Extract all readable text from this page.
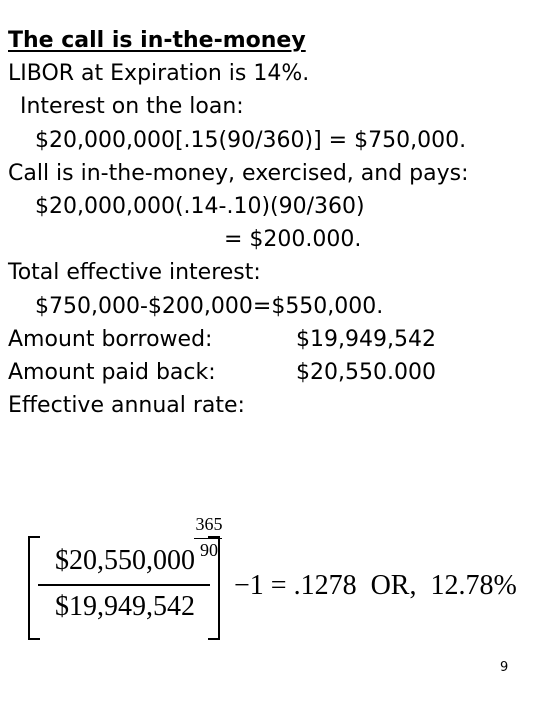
The call is in-the-money
LIBOR at Expiration is 14%.
Interest on the loan:
$20,000,000[.15(90/360)] = $750,000.
Call is in-the-money, exercised, and pays:
$20,000,000(.14-.10)(90/360)
= $200.000.
Total effective interest:
$750,000-$200,000=$550,000.
Amount borrowed:	$19,949,542
Amount paid back:	$20,550.000
Effective annual rate:
$20,550,000
$19,949,542
365
90
−1 = .1278  OR,  12.78%
9
